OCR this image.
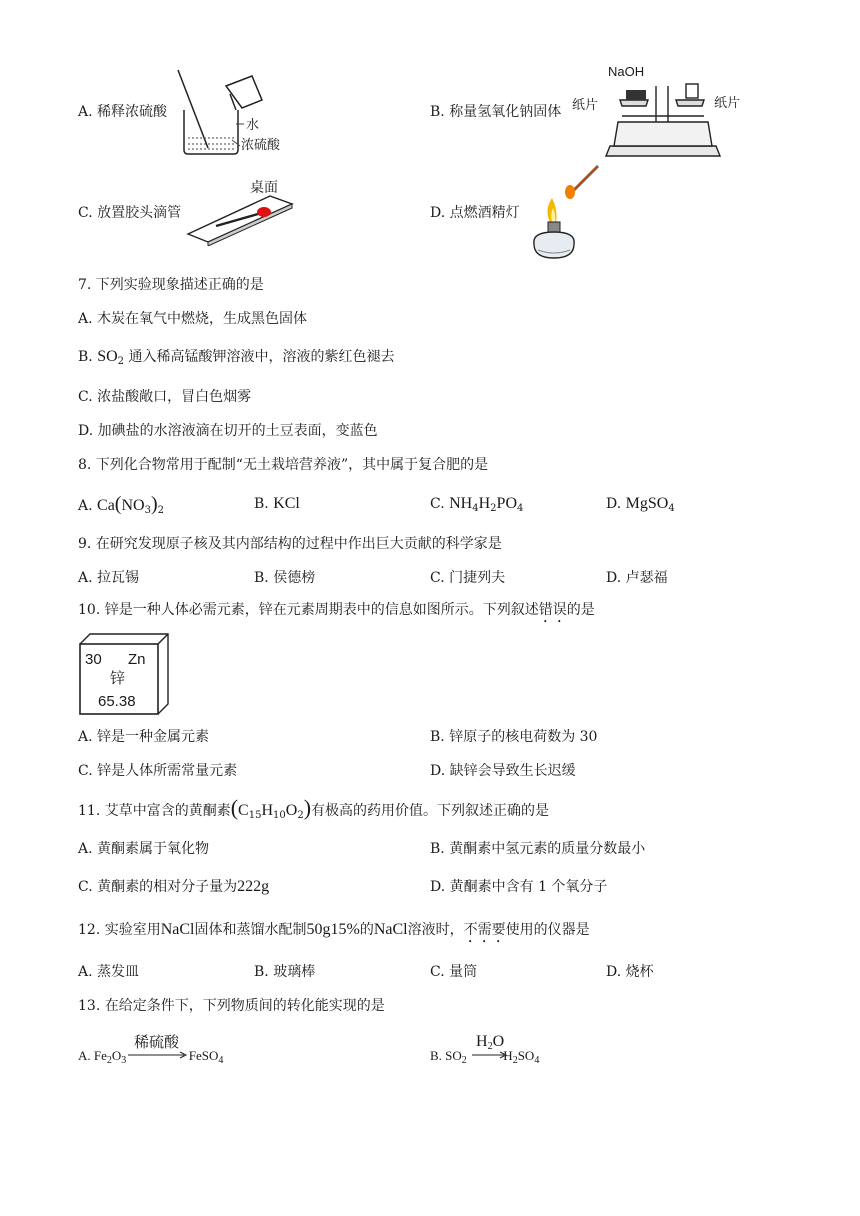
A. 稀释浓硫酸
水
浓硫酸
B. 称量氢氧化钠固体
NaOH
纸片	纸片
C. 放置胶头滴管
桌面
D. 点燃酒精灯
7. 下列实验现象描述正确的是
A. 木炭在氧气中燃烧，生成黑色固体
B. $SO_2$ 通入稀高锰酸钾溶液中，溶液的紫红色褪去
C. 浓盐酸敞口，冒白色烟雾
D. 加碘盐的水溶液滴在切开的土豆表面，变蓝色
8. 下列化合物常用于配制“无土栽培营养液”，其中属于复合肥的是
A. $Ca(NO_3)_2$	B. KCl	C. $NH_4H_2PO_4$	D. MgSO$_4$
9. 在研究发现原子核及其内部结构的过程中作出巨大贡献的科学家是
A. 拉瓦锡	B. 侯德榜	C. 门捷列夫	D. 卢瑟福
10. 锌是一种人体必需元素，锌在元素周期表中的信息如图所示。下列叙述错误的是
30 Zn
锌
65.38
A. 锌是一种金属元素	B. 锌原子的核电荷数为 30
C. 锌是人体所需常量元素	D. 缺锌会导致生长迟缓
11. 艾草中富含的黄酮素$(C_{15}H_{10}O_2)$有极高的药用价值。下列叙述正确的是
A. 黄酮素属于氧化物	B. 黄酮素中氢元素的质量分数最小
C. 黄酮素的相对分子量为222g	D. 黄酮素中含有 1 个氧分子
12. 实验室用NaCl固体和蒸馏水配制50g15%的NaCl溶液时，不需要使用的仪器是
A. 蒸发皿	B. 玻璃棒	C. 量筒	D. 烧杯
13. 在给定条件下，下列物质间的转化能实现的是
A. $Fe_2O_3$	FeSO$_4$
稀硫酸
B. $SO_2$	$H_2SO_4$
$H_2O$
